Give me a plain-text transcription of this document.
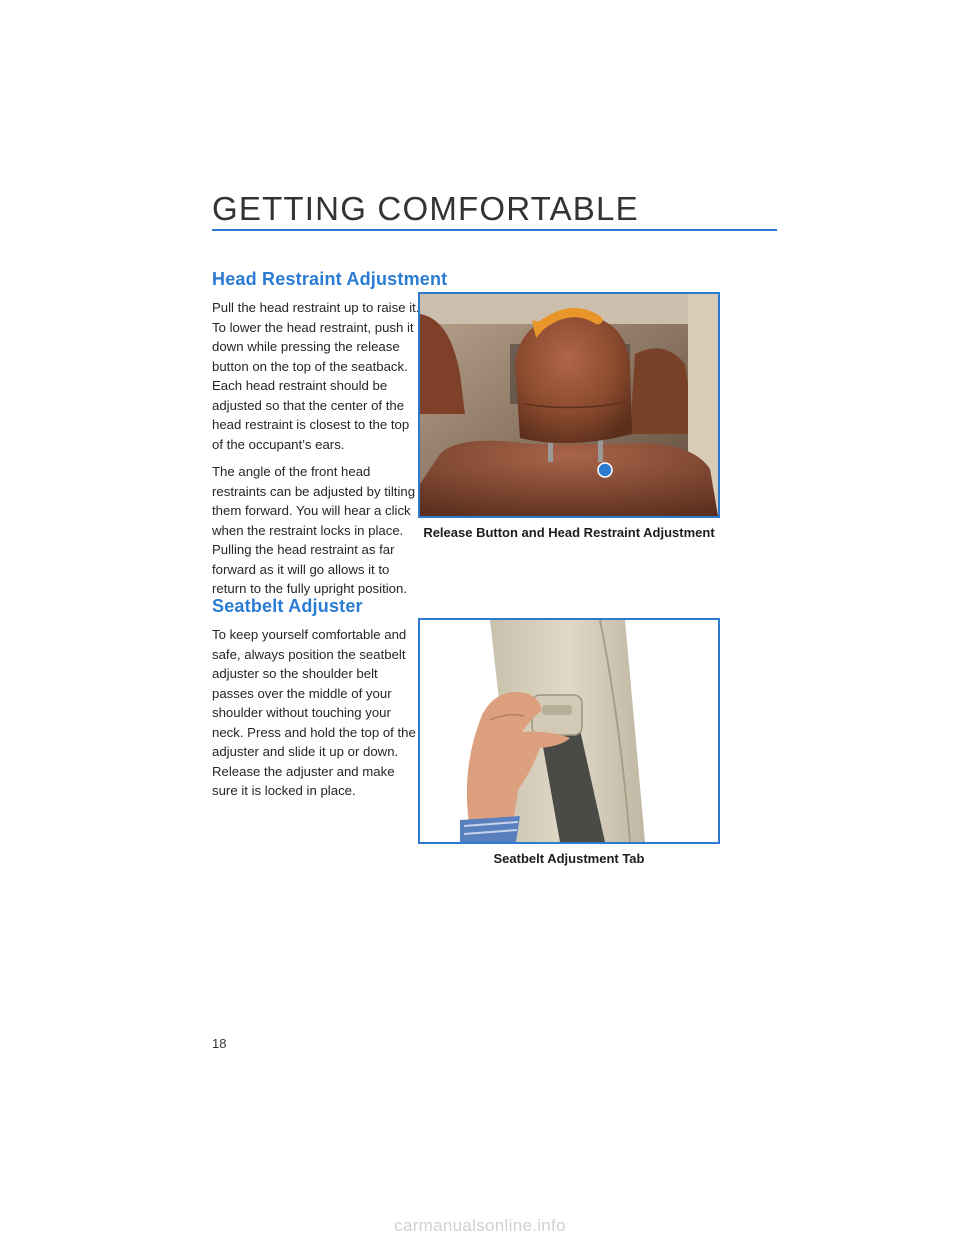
GETTING COMFORTABLE
Head Restraint Adjustment

Pull the head restraint up to raise it. To lower the head restraint, push it down while pressing the release button on the top of the seatback. Each head restraint should be adjusted so that the center of the head restraint is closest to the top of the occupant’s ears.

The angle of the front head restraints can be adjusted by tilting them forward. You will hear a click when the restraint locks in place. Pulling the head restraint as far forward as it will go allows it to return to the fully upright position.

Release Button and Head Restraint Adjustment
Seatbelt Adjuster

To keep yourself comfortable and safe, always position the seatbelt adjuster so the shoulder belt passes over the middle of your shoulder without touching your neck. Press and hold the top of the adjuster and slide it up or down. Release the adjuster and make sure it is locked in place.

Seatbelt Adjustment Tab
18
carmanualsonline.info
